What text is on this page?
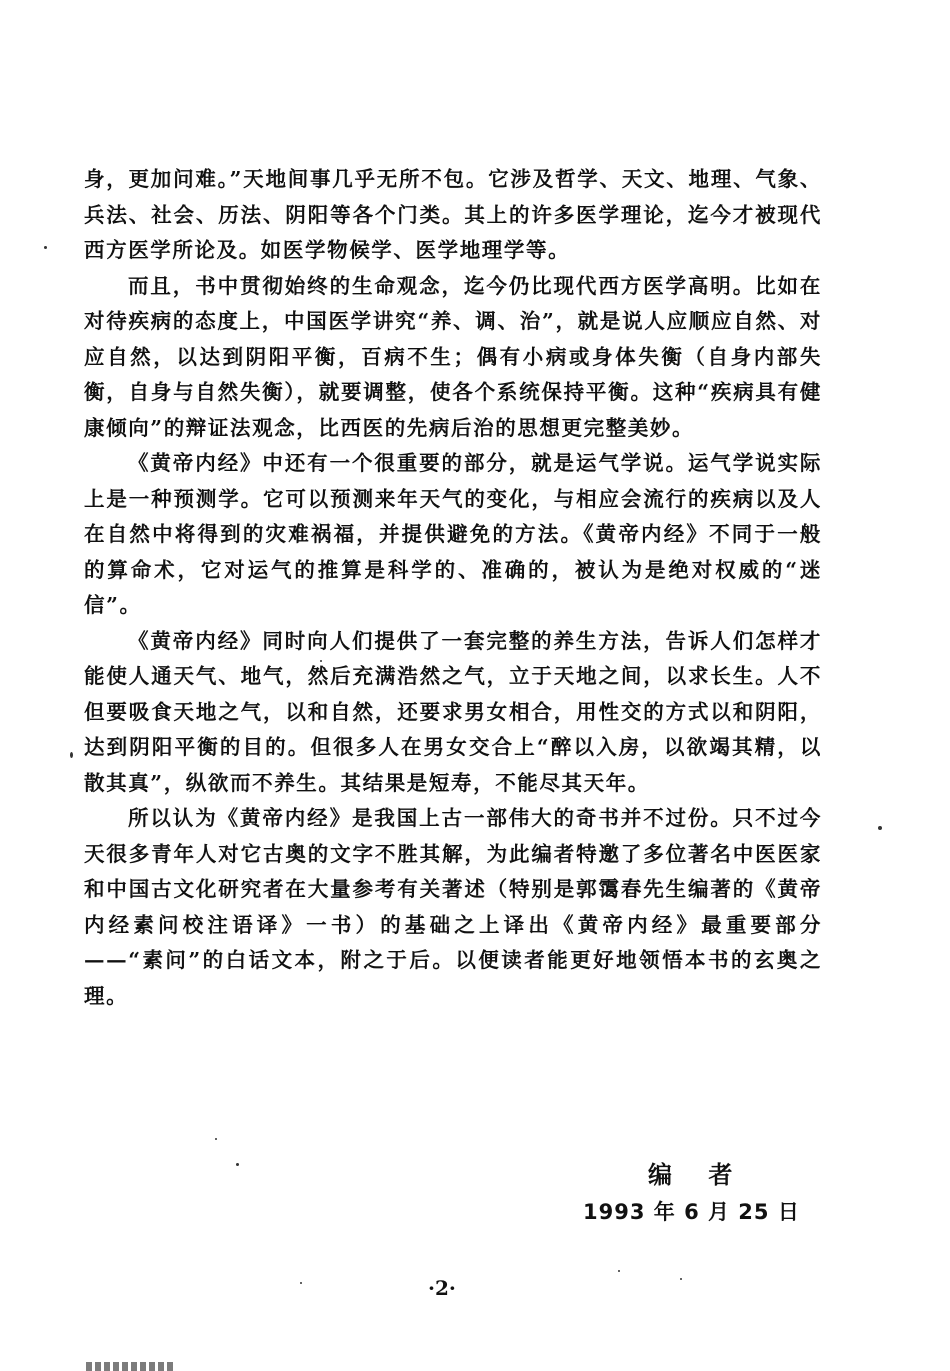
身，更加问难。”天地间事几乎无所不包。它涉及哲学、天文、地理、气象、兵法、社会、历法、阴阳等各个门类。其上的许多医学理论，迄今才被现代西方医学所论及。如医学物候学、医学地理学等。

而且，书中贯彻始终的生命观念，迄今仍比现代西方医学高明。比如在对待疾病的态度上，中国医学讲究“养、调、治”，就是说人应顺应自然、对应自然，以达到阴阳平衡，百病不生；偶有小病或身体失衡（自身内部失衡，自身与自然失衡），就要调整，使各个系统保持平衡。这种“疾病具有健康倾向”的辩证法观念，比西医的先病后治的思想更完整美妙。

《黄帝内经》中还有一个很重要的部分，就是运气学说。运气学说实际上是一种预测学。它可以预测来年天气的变化，与相应会流行的疾病以及人在自然中将得到的灾难祸福，并提供避免的方法。《黄帝内经》不同于一般的算命术，它对运气的推算是科学的、准确的，被认为是绝对权威的“迷信”。

《黄帝内经》同时向人们提供了一套完整的养生方法，告诉人们怎样才能使人通天气、地气，然后充满浩然之气，立于天地之间，以求长生。人不但要吸食天地之气，以和自然，还要求男女相合，用性交的方式以和阴阳，达到阴阳平衡的目的。但很多人在男女交合上“醉以入房，以欲竭其精，以散其真”，纵欲而不养生。其结果是短寿，不能尽其天年。

所以认为《黄帝内经》是我国上古一部伟大的奇书并不过份。只不过今天很多青年人对它古奥的文字不胜其解，为此编者特邀了多位著名中医医家和中国古文化研究者在大量参考有关著述（特别是郭霭春先生编著的《黄帝内经素问校注语译》一书）的基础之上译出《黄帝内经》最重要部分——“素问”的白话文本，附之于后。以便读者能更好地领悟本书的玄奥之理。

编 者
1993 年 6 月 25 日
·2·
